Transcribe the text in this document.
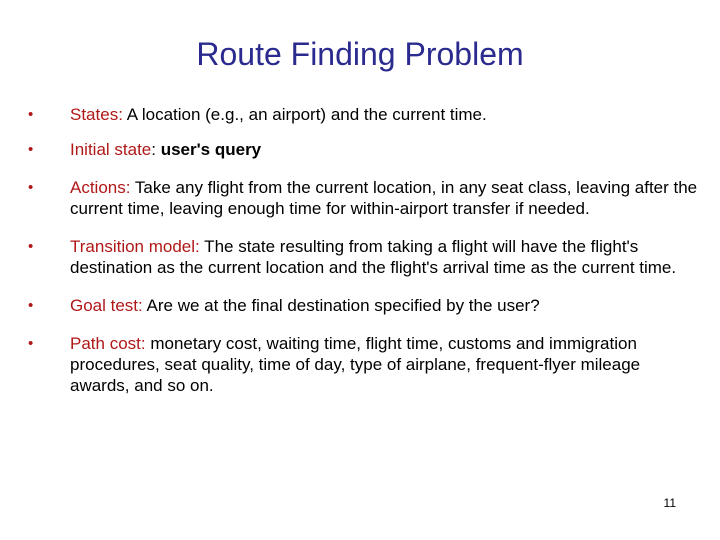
Route Finding Problem
•	States: A location (e.g., an airport) and the current time.
•	Initial state: user's query
•	Actions: Take any flight from the current location, in any seat class, leaving after the current time, leaving enough time for within-airport transfer if needed.
•	Transition model: The state resulting from taking a flight will have the flight's destination as the current location and the flight's arrival time as the current time.
•	Goal test: Are we at the final destination specified by the user?
•	Path cost: monetary cost, waiting time, flight time, customs and immigration procedures, seat quality, time of day, type of airplane, frequent-flyer mileage awards, and so on.
11
